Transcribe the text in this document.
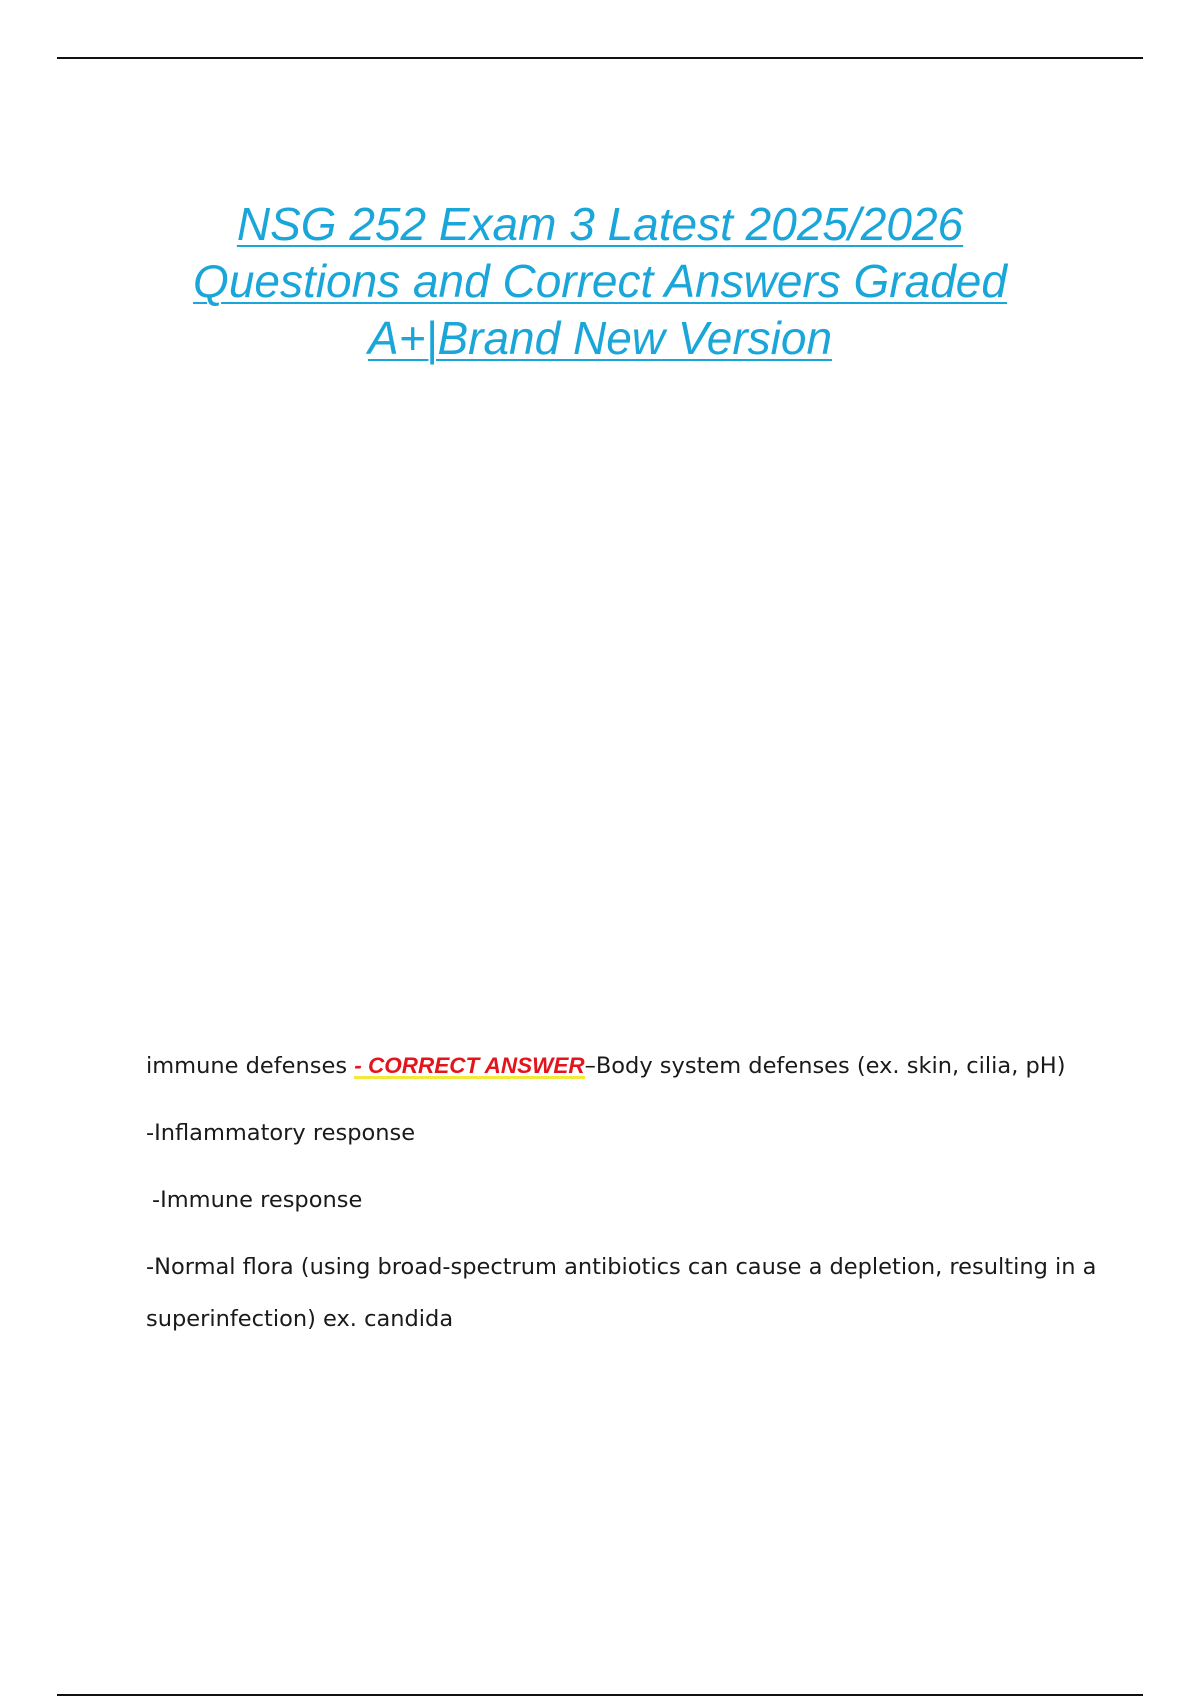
NSG 252 Exam 3 Latest 2025/2026
Questions and Correct Answers Graded
A+|Brand New Version

immune defenses - CORRECT ANSWER–Body system defenses (ex. skin, cilia, pH)

-Inflammatory response

-Immune response

-Normal flora (using broad-spectrum antibiotics can cause a depletion, resulting in a superinfection) ex. candida
